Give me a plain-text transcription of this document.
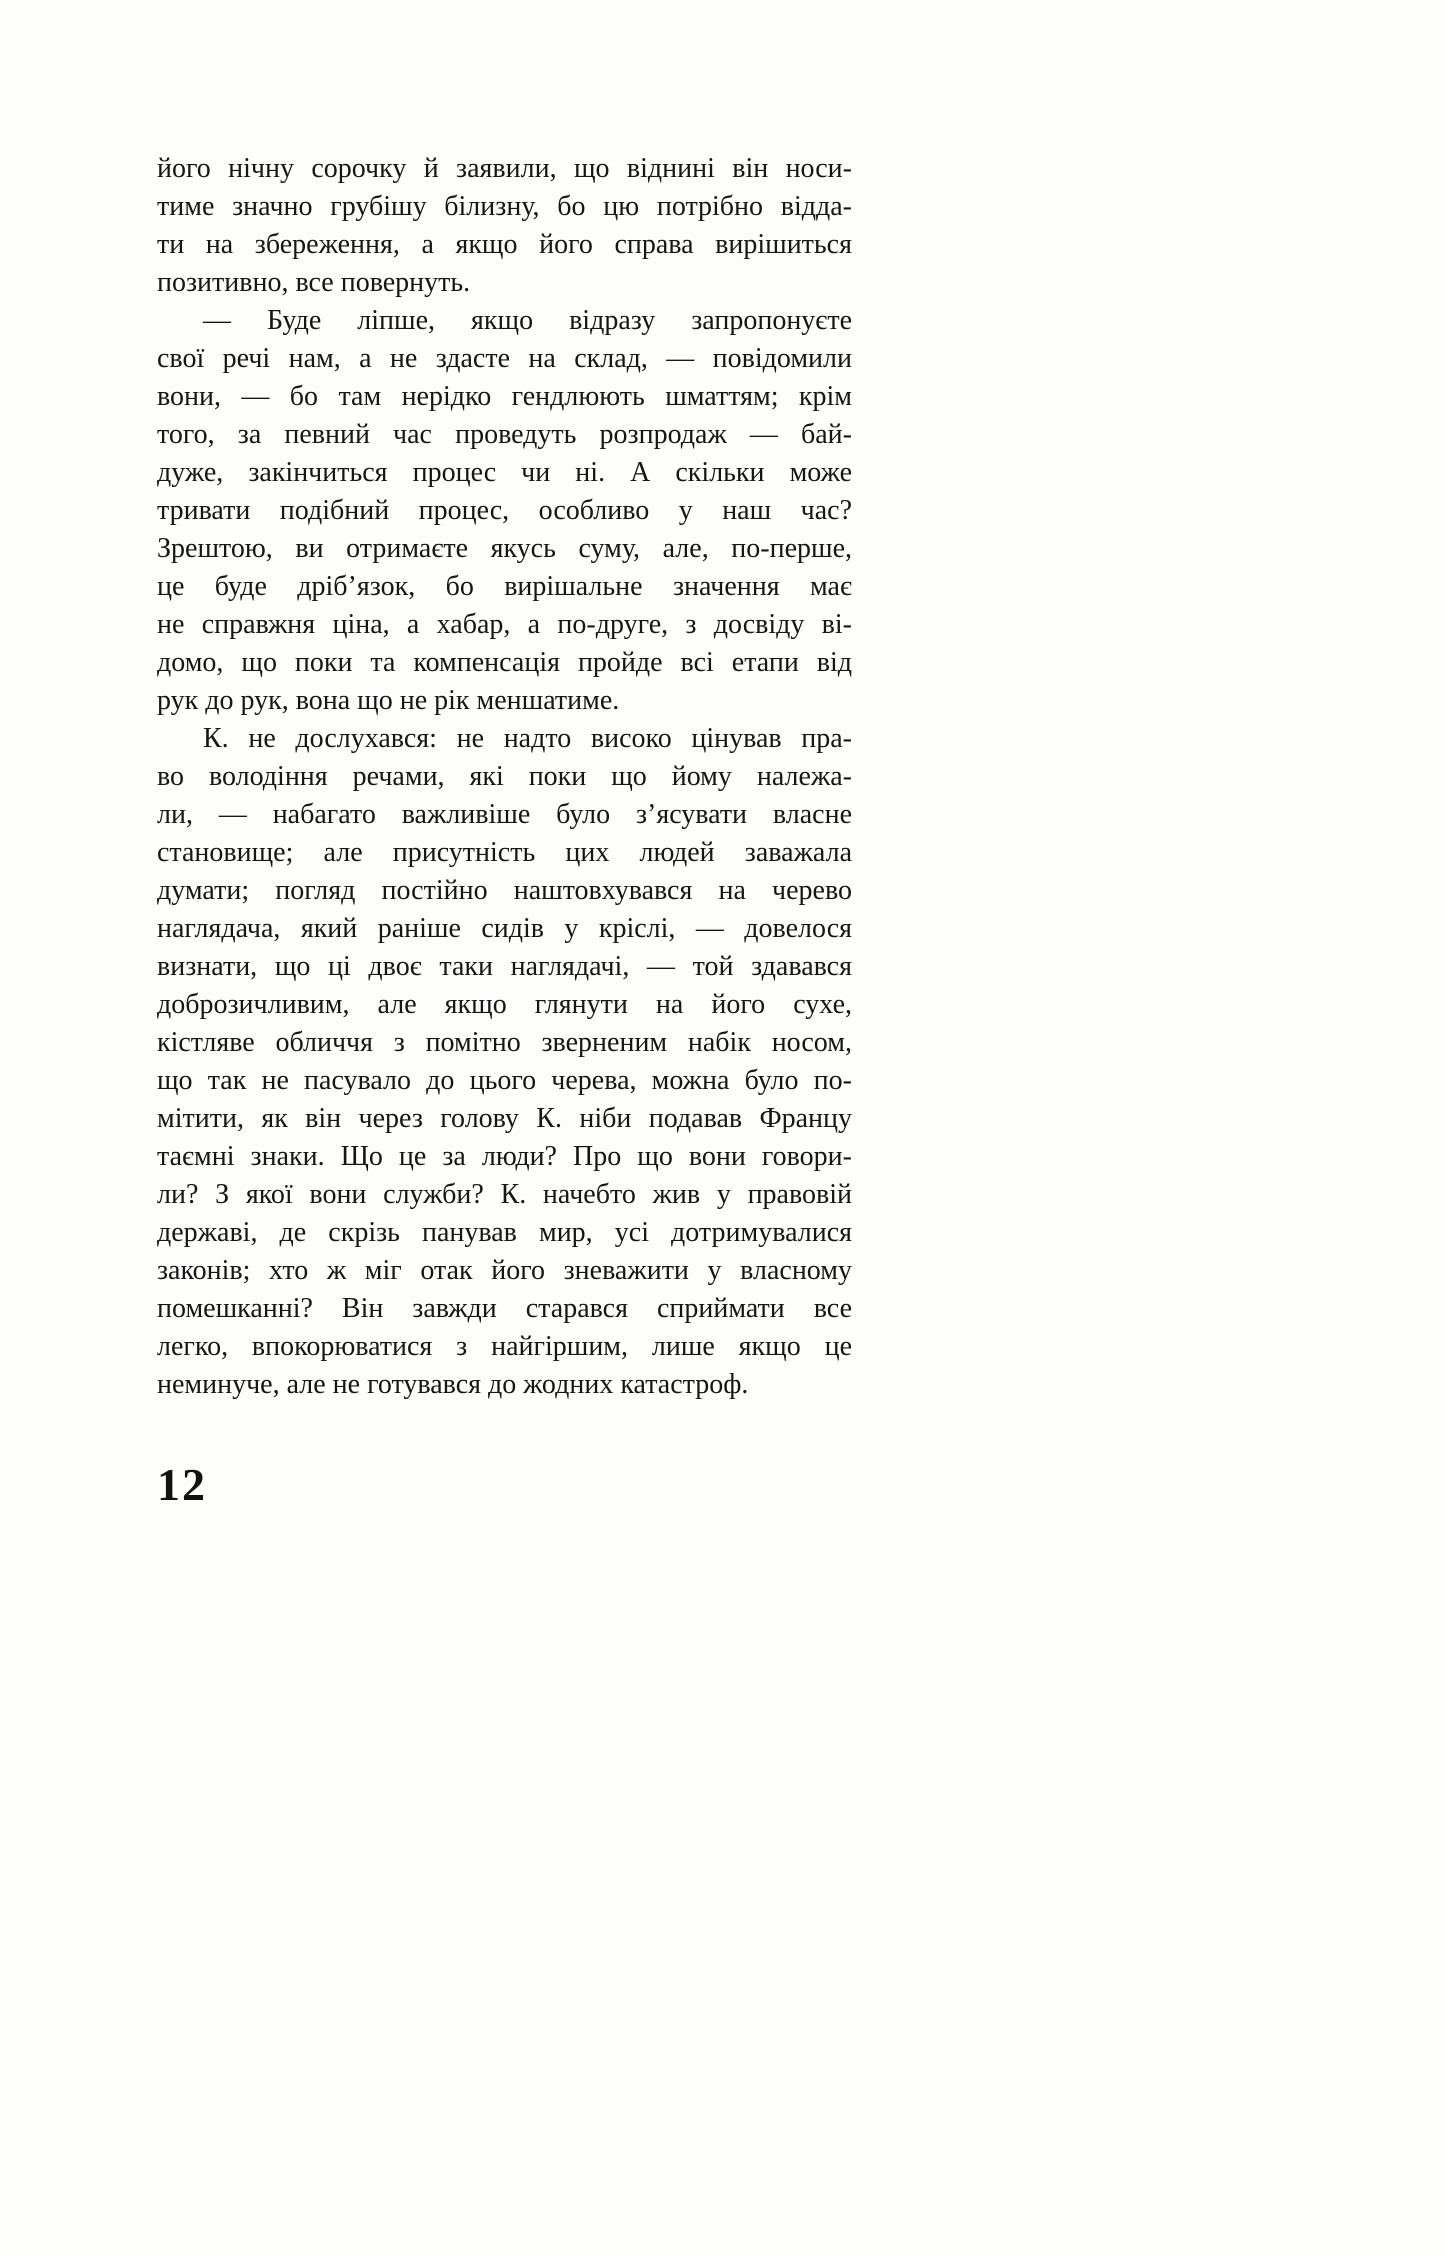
його нічну сорочку й заявили, що віднині він носи-
тиме значно грубішу білизну, бо цю потрібно відда-
ти на збереження, а якщо його справа вирішиться
позитивно, все повернуть.
— Буде ліпше, якщо відразу запропонуєте
свої речі нам, а не здасте на склад, — повідомили
вони, — бо там нерідко гендлюють шматтям; крім
того, за певний час проведуть розпродаж — бай-
дуже, закінчиться процес чи ні. А скільки може
тривати подібний процес, особливо у наш час?
Зрештою, ви отримаєте якусь суму, але, по-перше,
це буде дріб’язок, бо вирішальне значення має
не справжня ціна, а хабар, а по-друге, з досвіду ві-
домо, що поки та компенсація пройде всі етапи від
рук до рук, вона що не рік меншатиме.
К. не дослухався: не надто високо цінував пра-
во володіння речами, які поки що йому належа-
ли, — набагато важливіше було з’ясувати власне
становище; але присутність цих людей заважала
думати; погляд постійно наштовхувався на черево
наглядача, який раніше сидів у кріслі, — довелося
визнати, що ці двоє таки наглядачі, — той здавався
доброзичливим, але якщо глянути на його сухе,
кістляве обличчя з помітно зверненим набік носом,
що так не пасувало до цього черева, можна було по-
мітити, як він через голову К. ніби подавав Францу
таємні знаки. Що це за люди? Про що вони говори-
ли? З якої вони служби? К. начебто жив у правовій
державі, де скрізь панував мир, усі дотримувалися
законів; хто ж міг отак його зневажити у власному
помешканні? Він завжди старався сприймати все
легко, впокорюватися з найгіршим, лише якщо це
неминуче, але не готувався до жодних катастроф.
12
